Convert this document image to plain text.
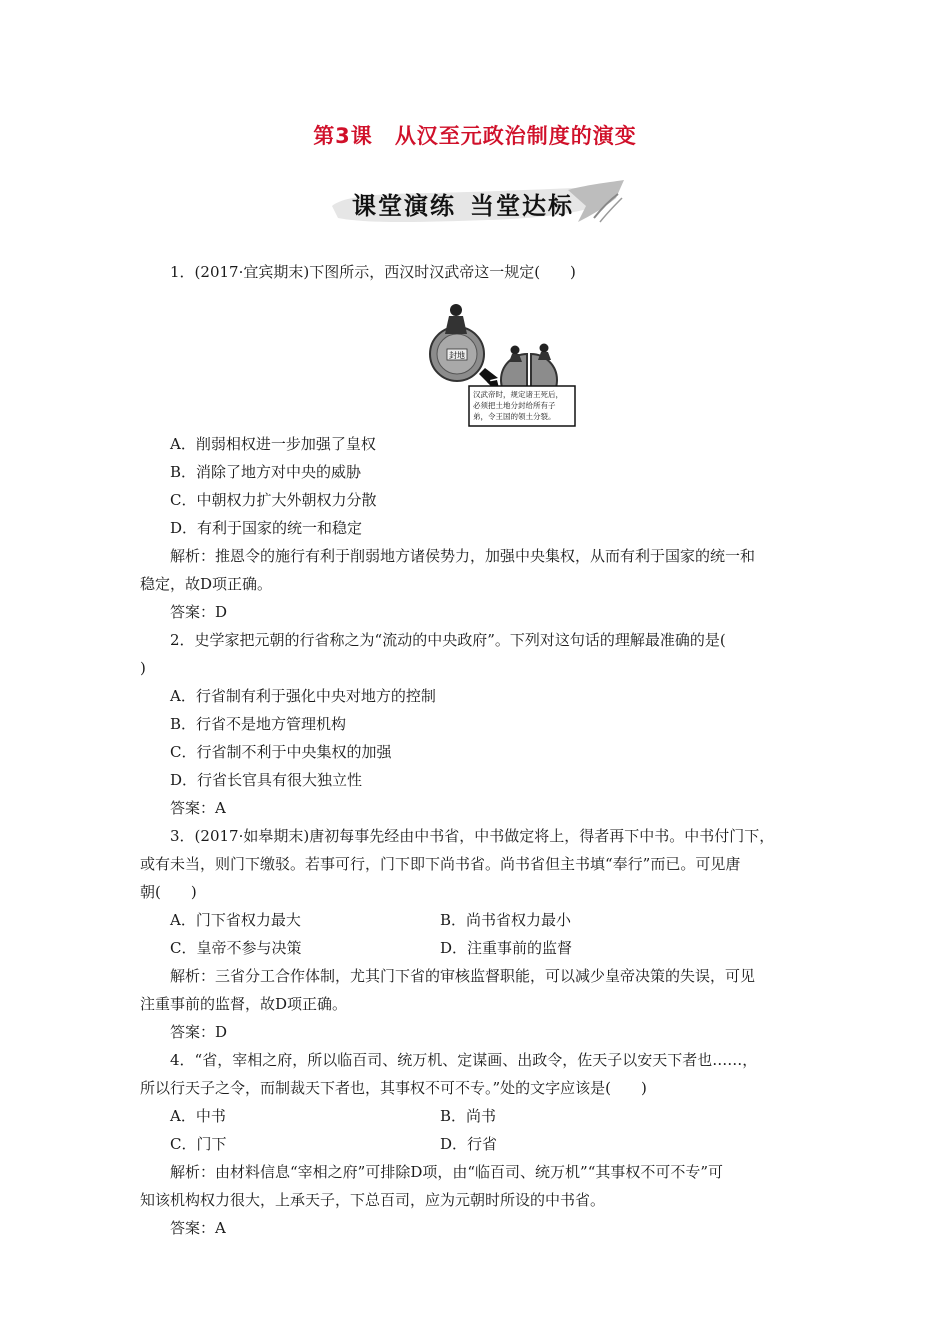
第3课 从汉至元政治制度的演变
课堂演练 当堂达标
1．(2017·宜宾期末)下图所示，西汉时汉武帝这一规定(　　)
封地
汉武帝时，规定诸王死后，
必须把土地分封给所有子
弟，令王国的领土分裂。
A．削弱相权进一步加强了皇权
B．消除了地方对中央的威胁
C．中朝权力扩大外朝权力分散
D．有利于国家的统一和稳定
解析：推恩令的施行有利于削弱地方诸侯势力，加强中央集权，从而有利于国家的统一和
稳定，故D项正确。
答案：D
2．史学家把元朝的行省称之为“流动的中央政府”。下列对这句话的理解最准确的是(
)
A．行省制有利于强化中央对地方的控制
B．行省不是地方管理机构
C．行省制不利于中央集权的加强
D．行省长官具有很大独立性
答案：A
3．(2017·如皋期末)唐初每事先经由中书省，中书做定将上，得者再下中书。中书付门下，
或有未当，则门下缴驳。若事可行，门下即下尚书省。尚书省但主书填“奉行”而已。可见唐
朝(　　)
A．门下省权力最大	B．尚书省权力最小
C．皇帝不参与决策	D．注重事前的监督
解析：三省分工合作体制，尤其门下省的审核监督职能，可以减少皇帝决策的失误，可见
注重事前的监督，故D项正确。
答案：D
4．“省，宰相之府，所以临百司、统万机、定谋画、出政令，佐天子以安天下者也……，
所以行天子之令，而制裁天下者也，其事权不可不专。”处的文字应该是(　　)
A．中书	B．尚书
C．门下	D．行省
解析：由材料信息“宰相之府”可排除D项，由“临百司、统万机”“其事权不可不专”可
知该机构权力很大，上承天子，下总百司，应为元朝时所设的中书省。
答案：A
